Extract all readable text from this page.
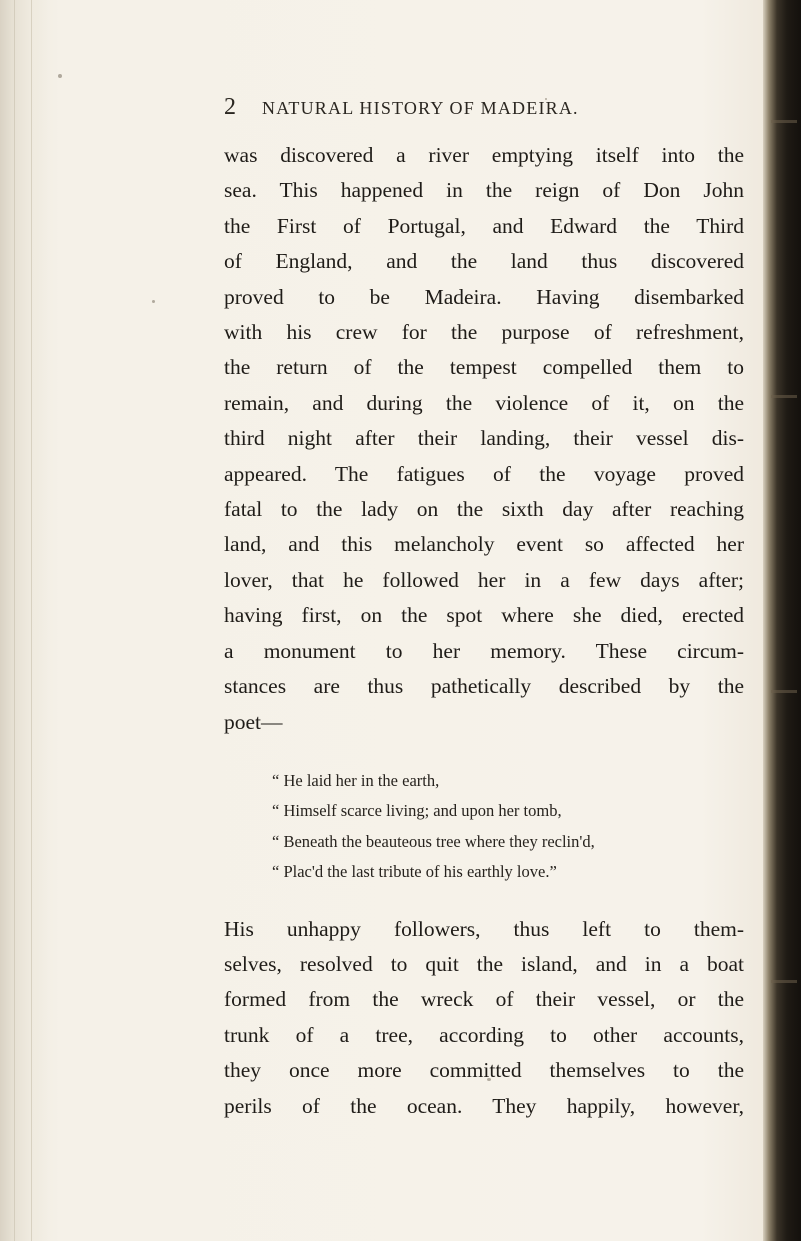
2 NATURAL HISTORY OF MADEIRA.
was discovered a river emptying itself into the
sea. This happened in the reign of Don John
the First of Portugal, and Edward the Third
of England, and the land thus discovered
proved to be Madeira. Having disembarked
with his crew for the purpose of refreshment,
the return of the tempest compelled them to
remain, and during the violence of it, on the
third night after their landing, their vessel dis-
appeared. The fatigues of the voyage proved
fatal to the lady on the sixth day after reaching
land, and this melancholy event so affected her
lover, that he followed her in a few days after;
having first, on the spot where she died, erected
a monument to her memory. These circum-
stances are thus pathetically described by the
poet—
“ He laid her in the earth,
“ Himself scarce living; and upon her tomb,
“ Beneath the beauteous tree where they reclin'd,
“ Plac'd the last tribute of his earthly love.”
His unhappy followers, thus left to them-
selves, resolved to quit the island, and in a boat
formed from the wreck of their vessel, or the
trunk of a tree, according to other accounts,
they once more committed themselves to the
perils of the ocean. They happily, however,
